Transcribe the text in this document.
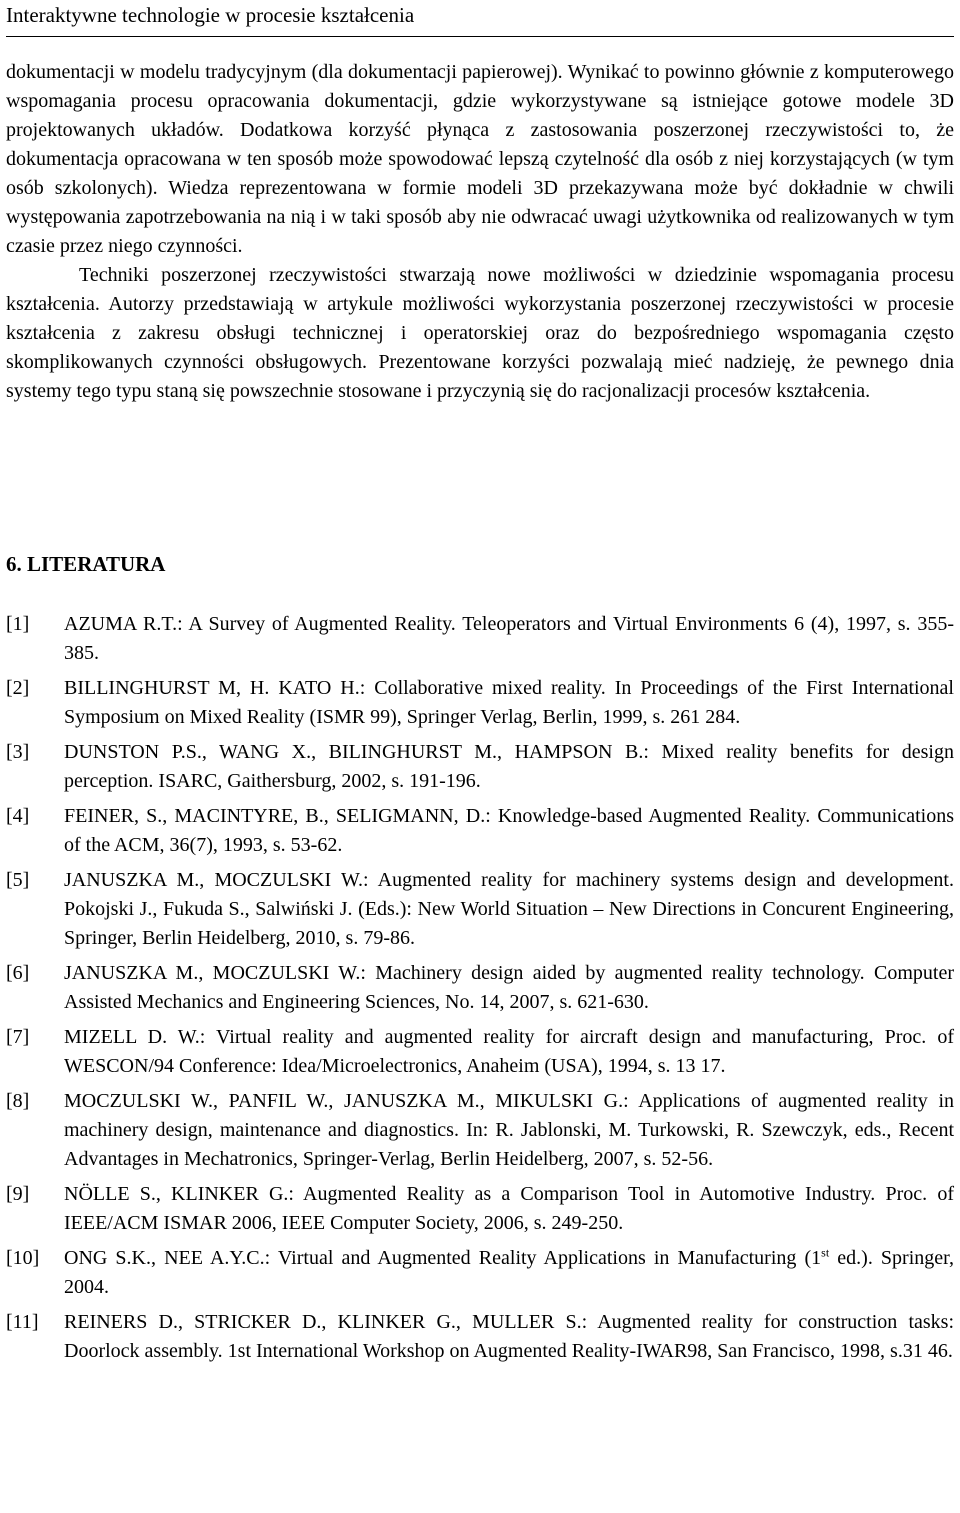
Interaktywne technologie w procesie kształcenia

dokumentacji w modelu tradycyjnym (dla dokumentacji papierowej). Wynikać to powinno głównie z komputerowego wspomagania procesu opracowania dokumentacji, gdzie wykorzystywane są istniejące gotowe modele 3D projektowanych układów. Dodatkowa korzyść płynąca z zastosowania poszerzonej rzeczywistości to, że dokumentacja opracowana w ten sposób może spowodować lepszą czytelność dla osób z niej korzystających (w tym osób szkolonych). Wiedza reprezentowana w formie modeli 3D przekazywana może być dokładnie w chwili występowania zapotrzebowania na nią i w taki sposób aby nie odwracać uwagi użytkownika od realizowanych w tym czasie przez niego czynności.

Techniki poszerzonej rzeczywistości stwarzają nowe możliwości w dziedzinie wspomagania procesu kształcenia. Autorzy przedstawiają w artykule możliwości wykorzystania poszerzonej rzeczywistości w procesie kształcenia z zakresu obsługi technicznej i operatorskiej oraz do bezpośredniego wspomagania często skomplikowanych czynności obsługowych. Prezentowane korzyści pozwalają mieć nadzieję, że pewnego dnia systemy tego typu staną się powszechnie stosowane i przyczynią się do racjonalizacji procesów kształcenia.

6. LITERATURA
[1] AZUMA R.T.: A Survey of Augmented Reality. Teleoperators and Virtual Environments 6 (4), 1997, s. 355-385.
[2] BILLINGHURST M, H. KATO H.: Collaborative mixed reality. In Proceedings of the First International Symposium on Mixed Reality (ISMR 99), Springer Verlag, Berlin, 1999, s. 261 284.
[3] DUNSTON P.S., WANG X., BILINGHURST M., HAMPSON B.: Mixed reality benefits for design perception. ISARC, Gaithersburg, 2002, s. 191-196.
[4] FEINER, S., MACINTYRE, B., SELIGMANN, D.: Knowledge-based Augmented Reality. Communications of the ACM, 36(7), 1993, s. 53-62.
[5] JANUSZKA M., MOCZULSKI W.: Augmented reality for machinery systems design and development. Pokojski J., Fukuda S., Salwiński J. (Eds.): New World Situation – New Directions in Concurent Engineering, Springer, Berlin Heidelberg, 2010, s. 79-86.
[6] JANUSZKA M., MOCZULSKI W.: Machinery design aided by augmented reality technology. Computer Assisted Mechanics and Engineering Sciences, No. 14, 2007, s. 621-630.
[7] MIZELL D. W.: Virtual reality and augmented reality for aircraft design and manufacturing, Proc. of WESCON/94 Conference: Idea/Microelectronics, Anaheim (USA), 1994, s. 13 17.
[8] MOCZULSKI W., PANFIL W., JANUSZKA M., MIKULSKI G.: Applications of augmented reality in machinery design, maintenance and diagnostics. In: R. Jablonski, M. Turkowski, R. Szewczyk, eds., Recent Advantages in Mechatronics, Springer-Verlag, Berlin Heidelberg, 2007, s. 52-56.
[9] NÖLLE S., KLINKER G.: Augmented Reality as a Comparison Tool in Automotive Industry. Proc. of IEEE/ACM ISMAR 2006, IEEE Computer Society, 2006, s. 249-250.
[10] ONG S.K., NEE A.Y.C.: Virtual and Augmented Reality Applications in Manufacturing (1st ed.). Springer, 2004.
[11] REINERS D., STRICKER D., KLINKER G., MULLER S.: Augmented reality for construction tasks: Doorlock assembly. 1st International Workshop on Augmented Reality-IWAR98, San Francisco, 1998, s.31 46.
